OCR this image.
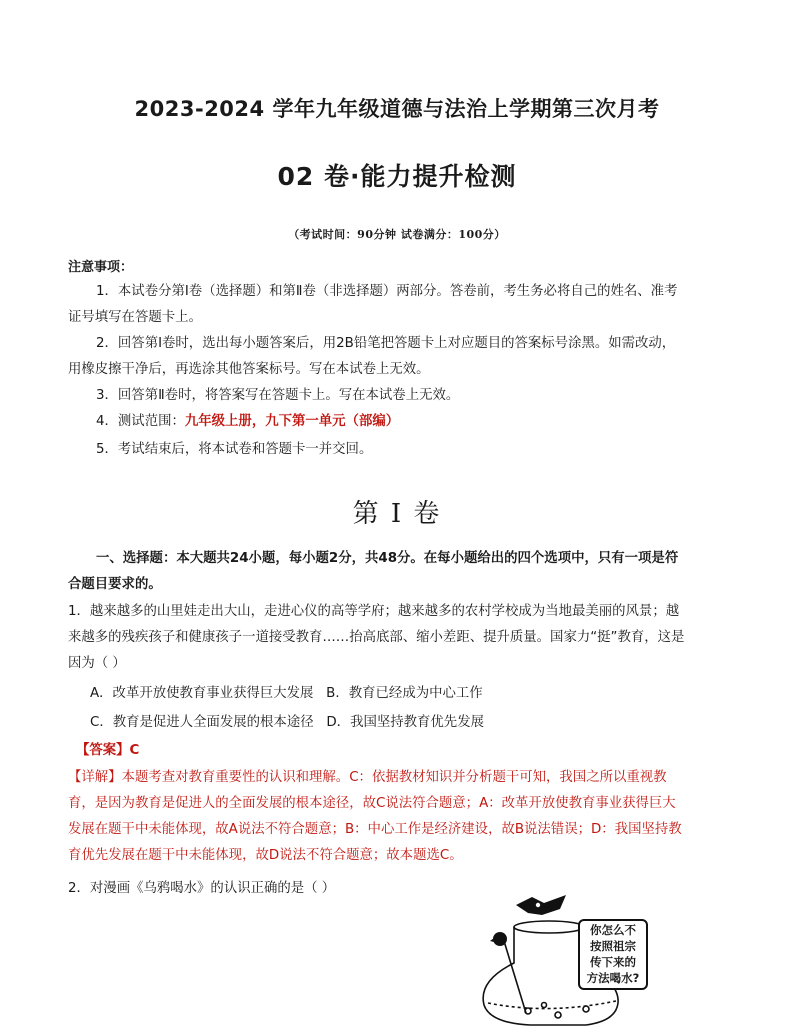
2023-2024 学年九年级道德与法治上学期第三次月考
02 卷·能力提升检测
（考试时间：90分钟 试卷满分：100分）
注意事项：
1．本试卷分第Ⅰ卷（选择题）和第Ⅱ卷（非选择题）两部分。答卷前，考生务必将自己的姓名、准考证号填写在答题卡上。
2．回答第Ⅰ卷时，选出每小题答案后，用2B铅笔把答题卡上对应题目的答案标号涂黑。如需改动，用橡皮擦干净后，再选涂其他答案标号。写在本试卷上无效。
3．回答第Ⅱ卷时，将答案写在答题卡上。写在本试卷上无效。
4．测试范围：九年级上册，九下第一单元（部编）
5．考试结束后，将本试卷和答题卡一并交回。
第 I 卷
一、选择题：本大题共24小题，每小题2分，共48分。在每小题给出的四个选项中，只有一项是符合题目要求的。
1．越来越多的山里娃走出大山，走进心仪的高等学府；越来越多的农村学校成为当地最美丽的风景；越来越多的残疾孩子和健康孩子一道接受教育……抬高底部、缩小差距、提升质量。国家力“挺”教育，这是因为（ ）
A．改革开放使教育事业获得巨大发展   B．教育已经成为中心工作
C．教育是促进人全面发展的根本途径   D．我国坚持教育优先发展
【答案】C
【详解】本题考查对教育重要性的认识和理解。C：依据教材知识并分析题干可知，我国之所以重视教育，是因为教育是促进人的全面发展的根本途径，故C说法符合题意；A：改革开放使教育事业获得巨大发展在题干中未能体现，故A说法不符合题意；B：中心工作是经济建设，故B说法错误；D：我国坚持教育优先发展在题干中未能体现，故D说法不符合题意；故本题选C。
2．对漫画《乌鸦喝水》的认识正确的是（ ）
你怎么不
按照祖宗
传下来的
方法喝水?
